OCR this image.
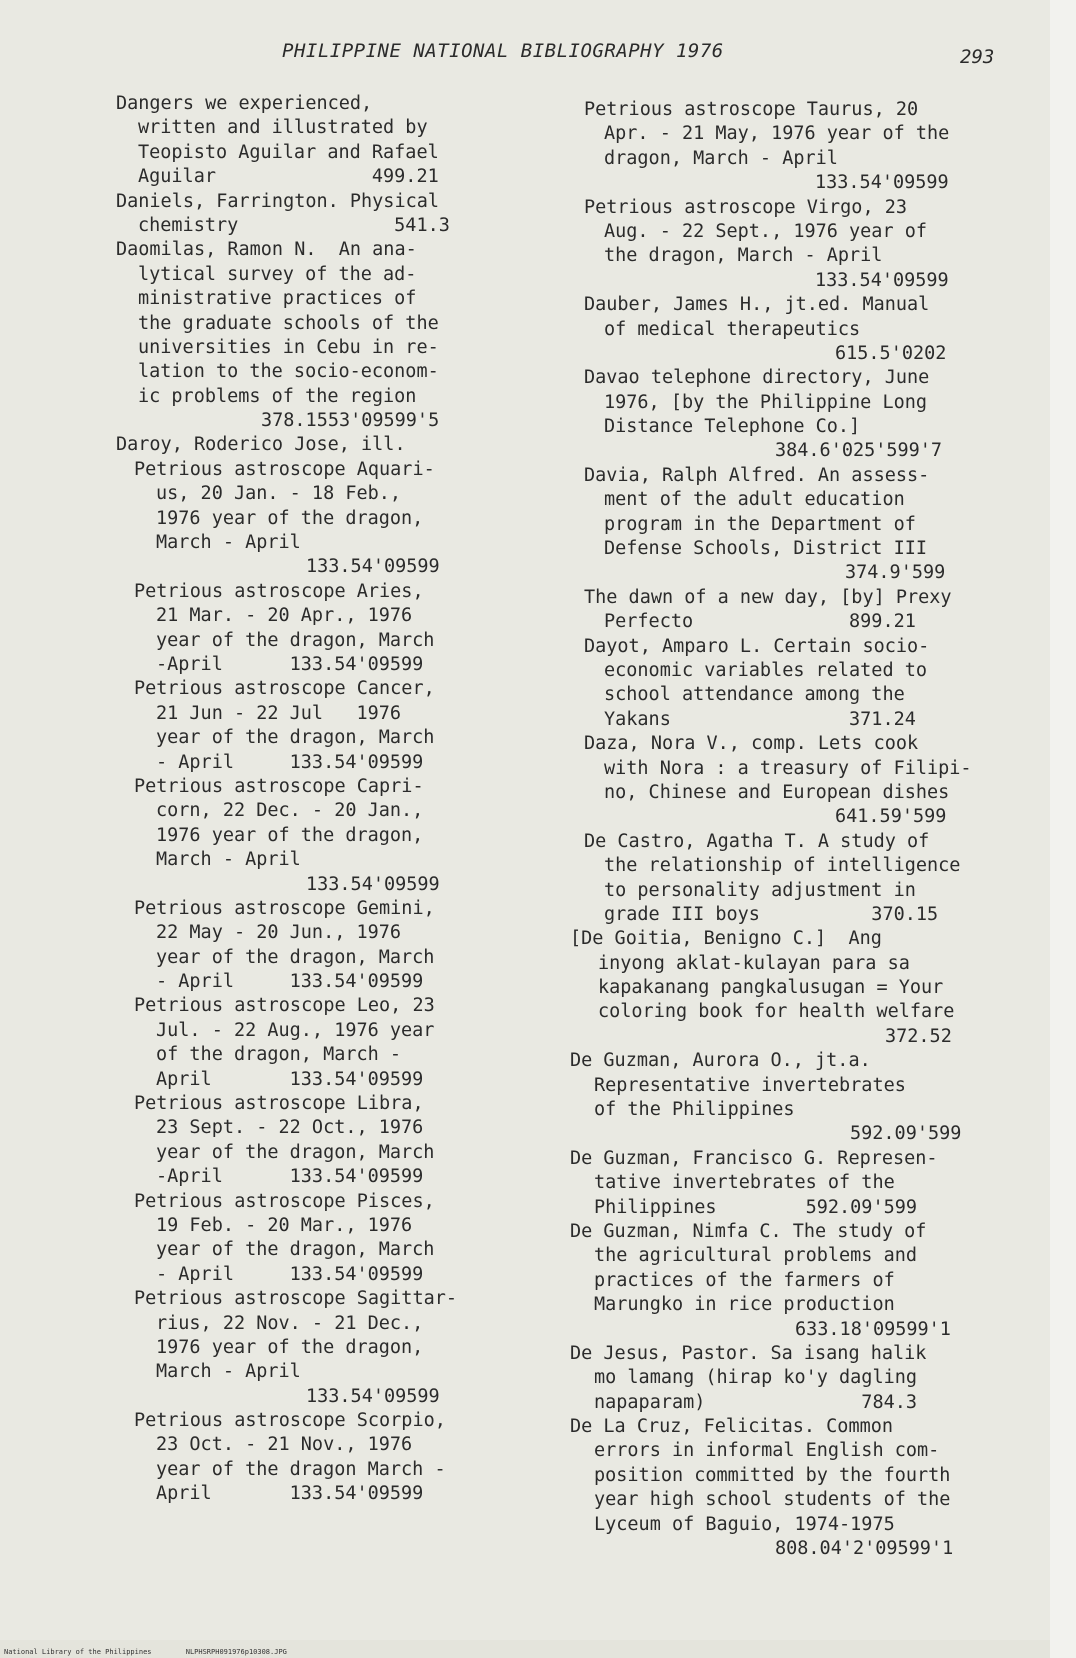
PHILIPPINE NATIONAL BIBLIOGRAPHY 1976	293
Dangers we experienced,
written and illustrated by
Teopisto Aguilar and Rafael
Aguilar              499.21
Daniels, Farrington. Physical
chemistry              541.3
Daomilas, Ramon N.  An ana-
lytical survey of the ad-
ministrative practices of
the graduate schools of the
universities in Cebu in re-
lation to the socio-econom-
ic problems of the region
378.1553'09599'5
Daroy, Roderico Jose, ill.
Petrious astroscope Aquari-
us, 20 Jan. - 18 Feb.,
1976 year of the dragon,
March - April
133.54'09599
Petrious astroscope Aries,
21 Mar. - 20 Apr., 1976
year of the dragon, March
-April      133.54'09599
Petrious astroscope Cancer,
21 Jun - 22 Jul   1976
year of the dragon, March
- April     133.54'09599
Petrious astroscope Capri-
corn, 22 Dec. - 20 Jan.,
1976 year of the dragon,
March - April
133.54'09599
Petrious astroscope Gemini,
22 May - 20 Jun., 1976
year of the dragon, March
- April     133.54'09599
Petrious astroscope Leo, 23
Jul. - 22 Aug., 1976 year
of the dragon, March -
April       133.54'09599
Petrious astroscope Libra,
23 Sept. - 22 Oct., 1976
year of the dragon, March
-April      133.54'09599
Petrious astroscope Pisces,
19 Feb. - 20 Mar., 1976
year of the dragon, March
- April     133.54'09599
Petrious astroscope Sagittar-
rius, 22 Nov. - 21 Dec.,
1976 year of the dragon,
March - April
133.54'09599
Petrious astroscope Scorpio,
23 Oct. - 21 Nov., 1976
year of the dragon March -
April       133.54'09599
Petrious astroscope Taurus, 20
Apr. - 21 May, 1976 year of the
dragon, March - April
133.54'09599
Petrious astroscope Virgo, 23
Aug. - 22 Sept., 1976 year of
the dragon, March - April
133.54'09599
Dauber, James H., jt.ed. Manual
of medical therapeutics
615.5'0202
Davao telephone directory, June
1976, [by the Philippine Long
Distance Telephone Co.]
384.6'025'599'7
Davia, Ralph Alfred. An assess-
ment of the adult education
program in the Department of
Defense Schools, District III
374.9'599
The dawn of a new day, [by] Prexy
Perfecto              899.21
Dayot, Amparo L. Certain socio-
economic variables related to
school attendance among the
Yakans                371.24
Daza, Nora V., comp. Lets cook
with Nora : a treasury of Filipi-
no, Chinese and European dishes
641.59'599
De Castro, Agatha T. A study of
the relationship of intelligence
to personality adjustment in
grade III boys          370.15
[De Goitia, Benigno C.]  Ang
inyong aklat-kulayan para sa
kapakanang pangkalusugan = Your
coloring book for health welfare
372.52
De Guzman, Aurora O., jt.a.
Representative invertebrates
of the Philippines
592.09'599
De Guzman, Francisco G. Represen-
tative invertebrates of the
Philippines        592.09'599
De Guzman, Nimfa C. The study of
the agricultural problems and
practices of the farmers of
Marungko in rice production
633.18'09599'1
De Jesus, Pastor. Sa isang halik
mo lamang (hirap ko'y dagling
napaparam)              784.3
De La Cruz, Felicitas. Common
errors in informal English com-
position committed by the fourth
year high school students of the
Lyceum of Baguio, 1974-1975
808.04'2'09599'1
National Library of the Philippines	NLPHSRPH091976p10308.JPG
